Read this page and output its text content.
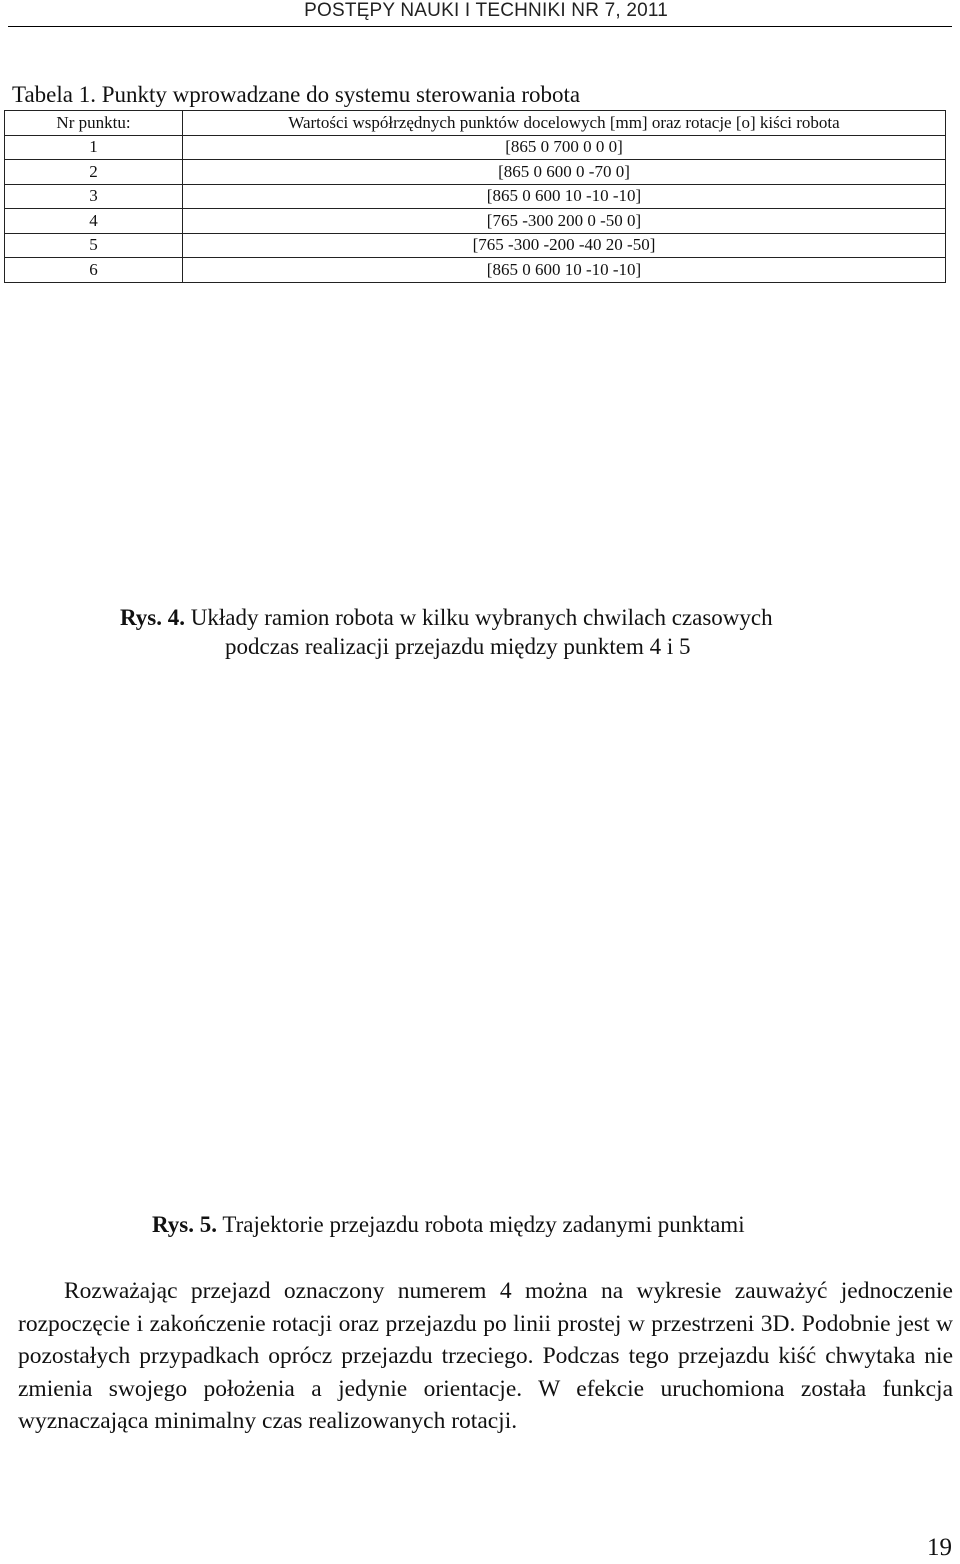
POSTĘPY NAUKI I TECHNIKI NR 7, 2011
Tabela 1. Punkty wprowadzane do systemu sterowania robota
Nr punktu:	Wartości współrzędnych punktów docelowych [mm] oraz rotacje [o] kiści robota
1	[865 0 700 0 0 0]
2	[865 0 600 0 -70 0]
3	[865 0 600 10 -10 -10]
4	[765 -300 200 0 -50 0]
5	[765 -300 -200 -40 20 -50]
6	[865 0 600 10 -10 -10]
Rys. 4. Układy ramion robota w kilku wybranych chwilach czasowych
podczas realizacji przejazdu między punktem 4 i 5
Rys. 5. Trajektorie przejazdu robota między zadanymi punktami

Rozważając przejazd oznaczony numerem 4 można na wykresie zauważyć jednoczenie rozpoczęcie i zakończenie rotacji oraz przejazdu po linii prostej w przestrzeni 3D. Podobnie jest w pozostałych przypadkach oprócz przejazdu trzeciego. Podczas tego przejazdu kiść chwytaka nie zmienia swojego położenia a jedynie orientacje. W efekcie uruchomiona została funkcja wyznaczająca minimalny czas realizowanych rotacji.

19
